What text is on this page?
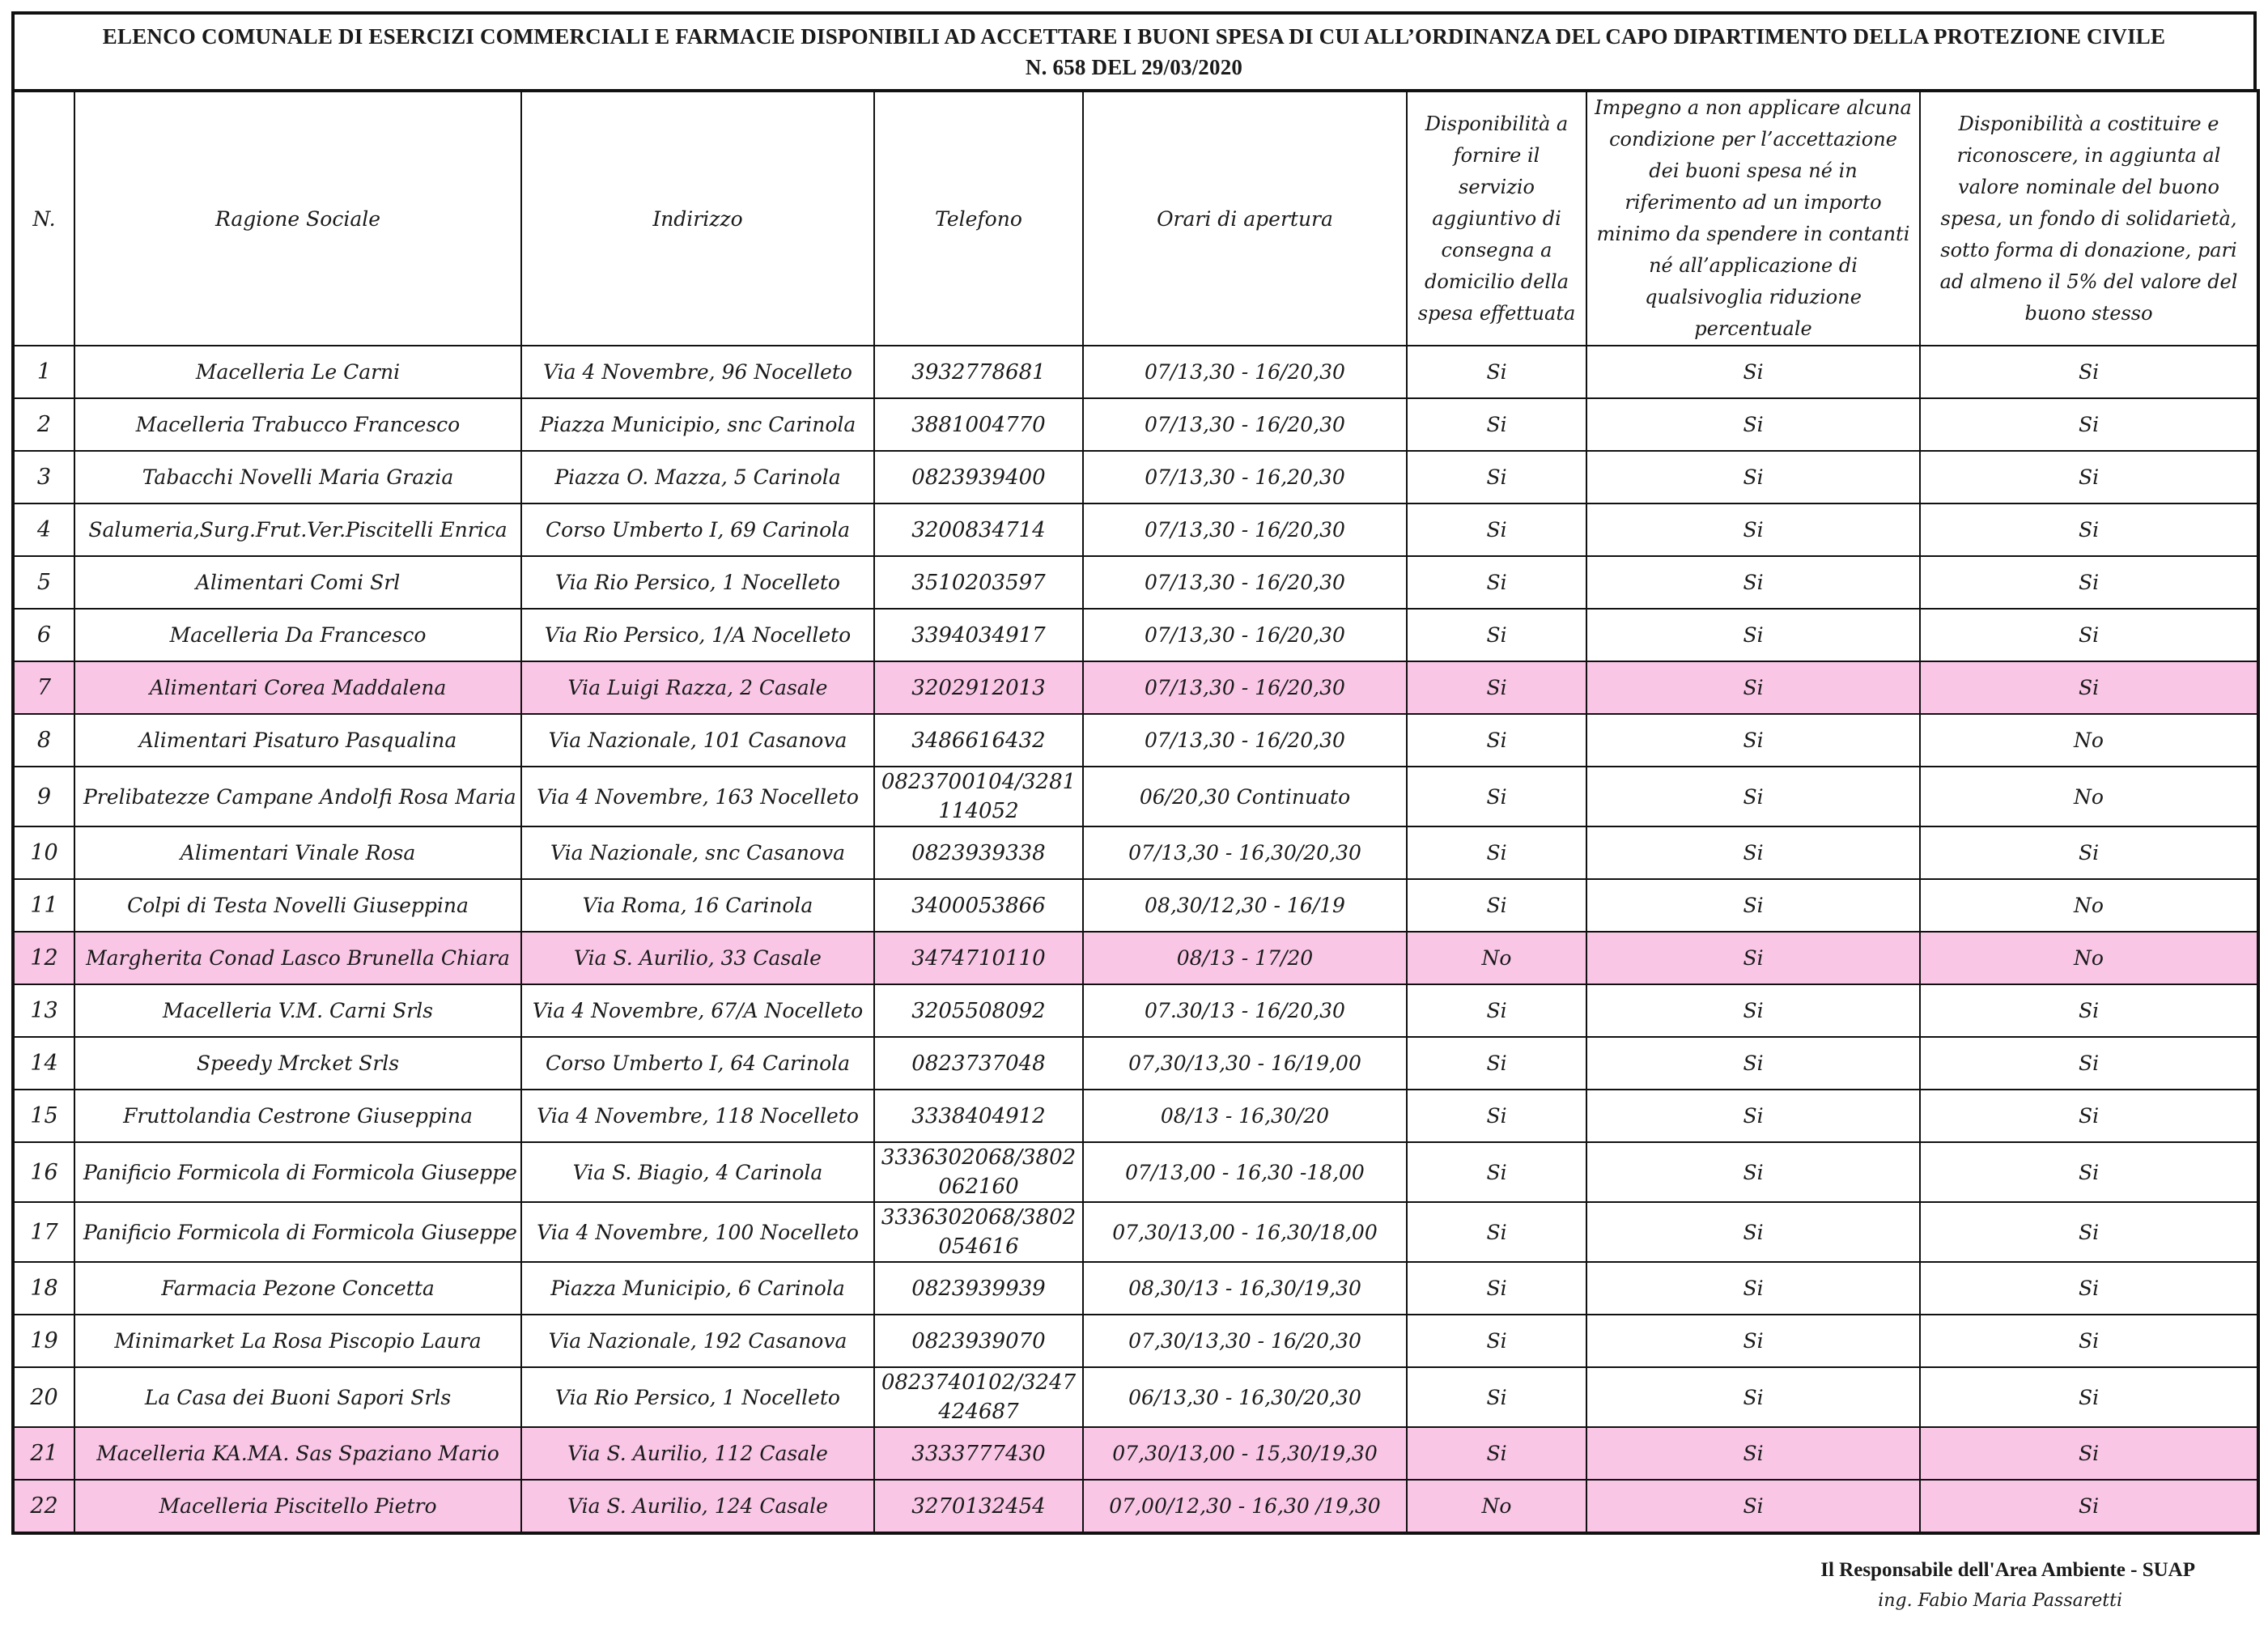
ELENCO COMUNALE DI ESERCIZI COMMERCIALI E FARMACIE DISPONIBILI AD ACCETTARE I BUONI SPESA DI CUI ALL’ORDINANZA DEL CAPO DIPARTIMENTO DELLA PROTEZIONE CIVILE
N. 658 DEL 29/03/2020
N.	Ragione Sociale	Indirizzo	Telefono	Orari di apertura	Disponibilità a fornire il servizio aggiuntivo di consegna a domicilio della spesa effettuata	Impegno a non applicare alcuna condizione per l’accettazione dei buoni spesa né in riferimento ad un importo minimo da spendere in contanti né all’applicazione di qualsivoglia riduzione percentuale	Disponibilità a costituire e riconoscere, in aggiunta al valore nominale del buono spesa, un fondo di solidarietà, sotto forma di donazione, pari ad almeno il 5% del valore del buono stesso
1	Macelleria Le Carni	Via 4 Novembre, 96 Nocelleto	3932778681	07/13,30 - 16/20,30	Si	Si	Si
2	Macelleria Trabucco Francesco	Piazza Municipio, snc Carinola	3881004770	07/13,30 - 16/20,30	Si	Si	Si
3	Tabacchi Novelli Maria Grazia	Piazza O. Mazza, 5 Carinola	0823939400	07/13,30 - 16,20,30	Si	Si	Si
4	Salumeria,Surg.Frut.Ver.Piscitelli Enrica	Corso Umberto I, 69 Carinola	3200834714	07/13,30 - 16/20,30	Si	Si	Si
5	Alimentari Comi Srl	Via Rio Persico, 1 Nocelleto	3510203597	07/13,30 - 16/20,30	Si	Si	Si
6	Macelleria Da Francesco	Via Rio Persico, 1/A Nocelleto	3394034917	07/13,30 - 16/20,30	Si	Si	Si
7	Alimentari Corea Maddalena	Via Luigi Razza, 2 Casale	3202912013	07/13,30 - 16/20,30	Si	Si	Si
8	Alimentari Pisaturo Pasqualina	Via Nazionale, 101 Casanova	3486616432	07/13,30 - 16/20,30	Si	Si	No
9	Prelibatezze Campane Andolfi Rosa Maria	Via 4 Novembre, 163 Nocelleto	0823700104/3281114052	06/20,30 Continuato	Si	Si	No
10	Alimentari Vinale Rosa	Via Nazionale, snc Casanova	0823939338	07/13,30 - 16,30/20,30	Si	Si	Si
11	Colpi di Testa Novelli Giuseppina	Via Roma, 16 Carinola	3400053866	08,30/12,30 - 16/19	Si	Si	No
12	Margherita Conad Lasco Brunella Chiara	Via S. Aurilio, 33 Casale	3474710110	08/13 - 17/20	No	Si	No
13	Macelleria V.M. Carni Srls	Via 4 Novembre, 67/A Nocelleto	3205508092	07.30/13 - 16/20,30	Si	Si	Si
14	Speedy Mrcket Srls	Corso Umberto I, 64 Carinola	0823737048	07,30/13,30 - 16/19,00	Si	Si	Si
15	Fruttolandia Cestrone Giuseppina	Via 4 Novembre, 118 Nocelleto	3338404912	08/13 - 16,30/20	Si	Si	Si
16	Panificio Formicola di Formicola Giuseppe	Via S. Biagio, 4 Carinola	3336302068/3802062160	07/13,00 - 16,30 -18,00	Si	Si	Si
17	Panificio Formicola di Formicola Giuseppe	Via 4 Novembre, 100 Nocelleto	3336302068/3802054616	07,30/13,00 - 16,30/18,00	Si	Si	Si
18	Farmacia Pezone Concetta	Piazza Municipio, 6 Carinola	0823939939	08,30/13 - 16,30/19,30	Si	Si	Si
19	Minimarket La Rosa Piscopio Laura	Via Nazionale, 192 Casanova	0823939070	07,30/13,30 - 16/20,30	Si	Si	Si
20	La Casa dei Buoni Sapori Srls	Via Rio Persico, 1 Nocelleto	0823740102/3247424687	06/13,30 - 16,30/20,30	Si	Si	Si
21	Macelleria KA.MA. Sas Spaziano Mario	Via S. Aurilio, 112 Casale	3333777430	07,30/13,00 - 15,30/19,30	Si	Si	Si
22	Macelleria Piscitello Pietro	Via S. Aurilio, 124 Casale	3270132454	07,00/12,30 - 16,30 /19,30	No	Si	Si
Il Responsabile dell'Area Ambiente - SUAP
ing. Fabio Maria Passaretti
